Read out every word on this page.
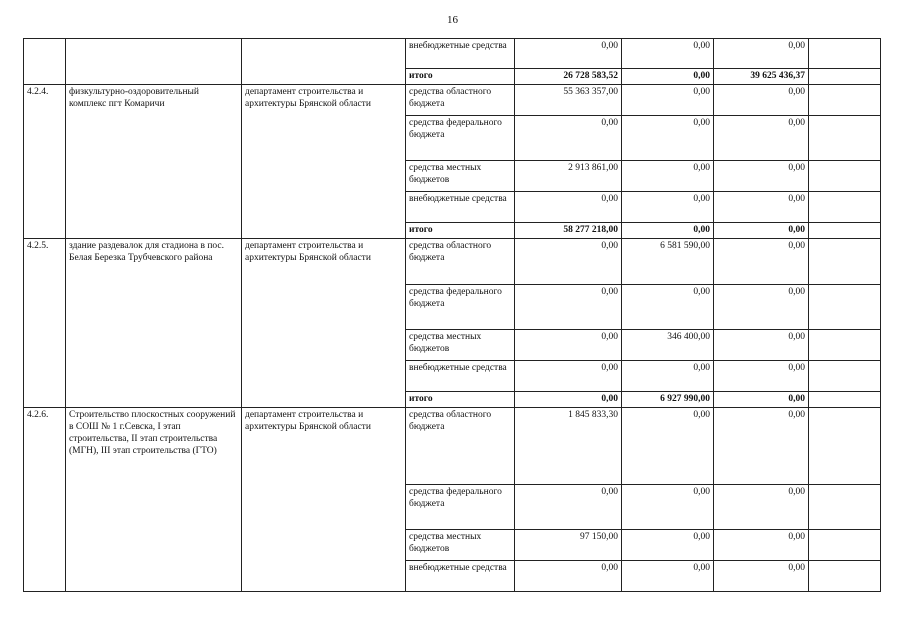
16
			внебюджетные средства	0,00	0,00	0,00	
			итого	26 728 583,52	0,00	39 625 436,37	
4.2.4.	физкультурно-оздоровительный комплекс пгт Комаричи	департамент строительства и архитектуры Брянской области	средства областного бюджета	55 363 357,00	0,00	0,00	
			средства федерального бюджета	0,00	0,00	0,00	
			средства местных бюджетов	2 913 861,00	0,00	0,00	
			внебюджетные средства	0,00	0,00	0,00	
			итого	58 277 218,00	0,00	0,00	
4.2.5.	здание раздевалок для стадиона в пос. Белая Березка Трубчевского района	департамент строительства и архитектуры Брянской области	средства областного бюджета	0,00	6 581 590,00	0,00	
			средства федерального бюджета	0,00	0,00	0,00	
			средства местных бюджетов	0,00	346 400,00	0,00	
			внебюджетные средства	0,00	0,00	0,00	
			итого	0,00	6 927 990,00	0,00	
4.2.6.	Строительство плоскостных сооружений в СОШ № 1 г.Севска, I этап строительства, II этап строительства (МГН), III этап строительства (ГТО)	департамент строительства и архитектуры Брянской области	средства областного бюджета	1 845 833,30	0,00	0,00	
			средства федерального бюджета	0,00	0,00	0,00	
			средства местных бюджетов	97 150,00	0,00	0,00	
			внебюджетные средства	0,00	0,00	0,00	
